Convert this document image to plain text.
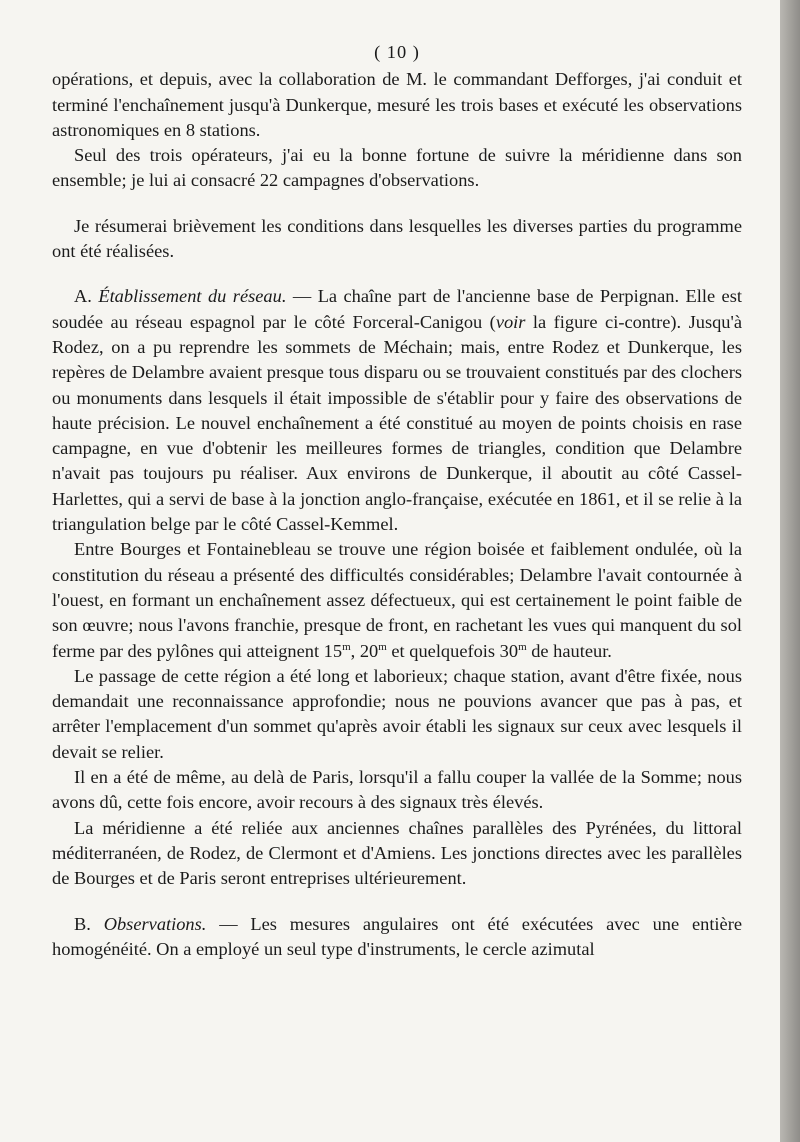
( 10 )

opérations, et depuis, avec la collaboration de M. le commandant Defforges, j'ai conduit et terminé l'enchaînement jusqu'à Dunkerque, mesuré les trois bases et exécuté les observations astronomiques en 8 stations.

Seul des trois opérateurs, j'ai eu la bonne fortune de suivre la méridienne dans son ensemble; je lui ai consacré 22 campagnes d'observations.

Je résumerai brièvement les conditions dans lesquelles les diverses parties du programme ont été réalisées.

A. Établissement du réseau. — La chaîne part de l'ancienne base de Perpignan. Elle est soudée au réseau espagnol par le côté Forceral-Canigou (voir la figure ci-contre). Jusqu'à Rodez, on a pu reprendre les sommets de Méchain; mais, entre Rodez et Dunkerque, les repères de Delambre avaient presque tous disparu ou se trouvaient constitués par des clochers ou monuments dans lesquels il était impossible de s'établir pour y faire des observations de haute précision. Le nouvel enchaînement a été constitué au moyen de points choisis en rase campagne, en vue d'obtenir les meilleures formes de triangles, condition que Delambre n'avait pas toujours pu réaliser. Aux environs de Dunkerque, il aboutit au côté Cassel-Harlettes, qui a servi de base à la jonction anglo-française, exécutée en 1861, et il se relie à la triangulation belge par le côté Cassel-Kemmel.

Entre Bourges et Fontainebleau se trouve une région boisée et faiblement ondulée, où la constitution du réseau a présenté des difficultés considérables; Delambre l'avait contournée à l'ouest, en formant un enchaînement assez défectueux, qui est certainement le point faible de son œuvre; nous l'avons franchie, presque de front, en rachetant les vues qui manquent du sol ferme par des pylônes qui atteignent 15$^m$, 20$^m$ et quelquefois 30$^m$ de hauteur.

Le passage de cette région a été long et laborieux; chaque station, avant d'être fixée, nous demandait une reconnaissance approfondie; nous ne pouvions avancer que pas à pas, et arrêter l'emplacement d'un sommet qu'après avoir établi les signaux sur ceux avec lesquels il devait se relier.

Il en a été de même, au delà de Paris, lorsqu'il a fallu couper la vallée de la Somme; nous avons dû, cette fois encore, avoir recours à des signaux très élevés.

La méridienne a été reliée aux anciennes chaînes parallèles des Pyrénées, du littoral méditerranéen, de Rodez, de Clermont et d'Amiens. Les jonctions directes avec les parallèles de Bourges et de Paris seront entreprises ultérieurement.

B. Observations. — Les mesures angulaires ont été exécutées avec une entière homogénéité. On a employé un seul type d'instruments, le cercle azimutal
